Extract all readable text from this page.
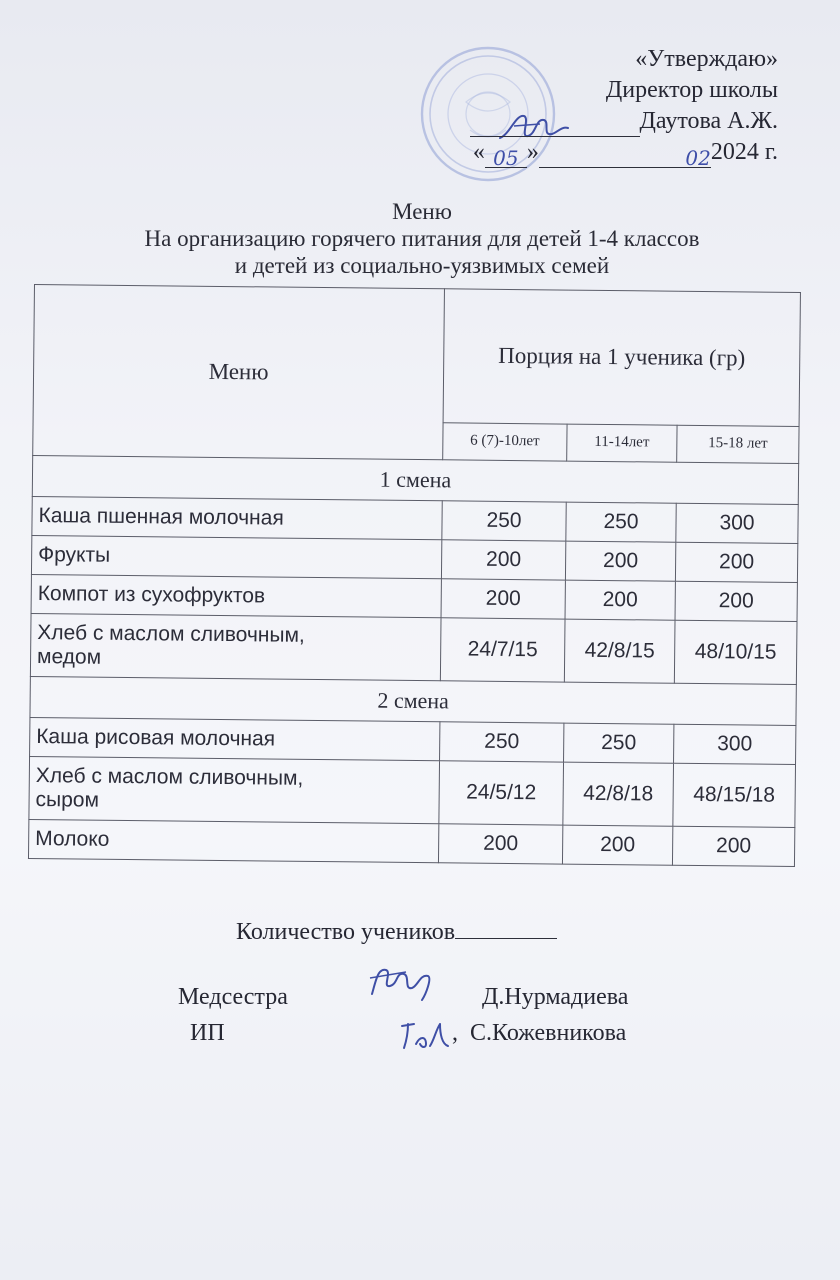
«Утверждаю»
Директор школы
Даутова А.Ж.
« 05 »	022024 г.
Меню
На организацию горячего питания для детей 1-4 классов
и детей из социально-уязвимых семей
Меню	Порция на 1 ученика (гр)		
	6 (7)-10лет	11-14лет	15-18 лет
1 смена			
Каша пшенная молочная	250	250	300
Фрукты	200	200	200
Компот из сухофруктов	200	200	200

Хлеб с маслом сливочным,
медом	24/7/15	42/8/15	48/10/15
2 смена			
Каша рисовая молочная	250	250	300

Хлеб с маслом сливочным,
сыром	24/5/12	42/8/18	48/15/18
Молоко	200	200	200
Количество учеников
Медсестра	Д.Нурмадиева
ИП	, С.Кожевникова
